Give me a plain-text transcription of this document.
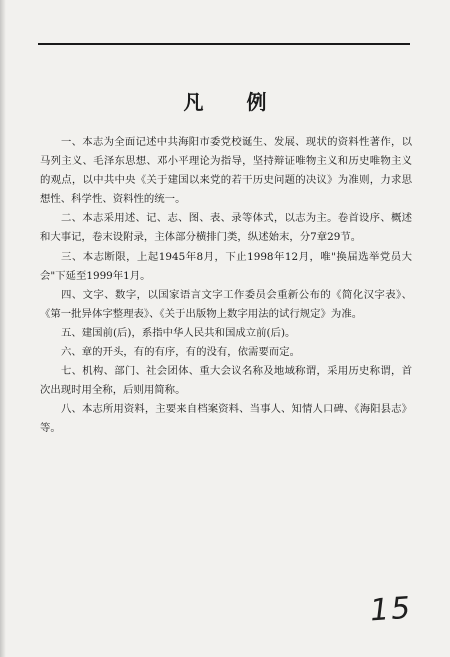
凡 例

一、本志为全面记述中共海阳市委党校诞生、发展、现状的资料性著作，以马列主义、毛泽东思想、邓小平理论为指导，坚持辩证唯物主义和历史唯物主义的观点，以中共中央《关于建国以来党的若干历史问题的决议》为准则，力求思想性、科学性、资料性的统一。

二、本志采用述、记、志、图、表、录等体式，以志为主。卷首设序、概述和大事记，卷末设附录，主体部分横排门类，纵述始末，分7章29节。

三、本志断限，上起1945年8月，下止1998年12月，唯"换届选举党员大会"下延至1999年1月。

四、文字、数字，以国家语言文字工作委员会重新公布的《简化汉字表》、《第一批异体字整理表》、《关于出版物上数字用法的试行规定》为准。

五、建国前(后)，系指中华人民共和国成立前(后)。

六、章的开头，有的有序，有的没有，依需要而定。

七、机构、部门、社会团体、重大会议名称及地域称谓，采用历史称谓，首次出现时用全称，后则用简称。

八、本志所用资料，主要来自档案资料、当事人、知情人口碑、《海阳县志》等。

15
